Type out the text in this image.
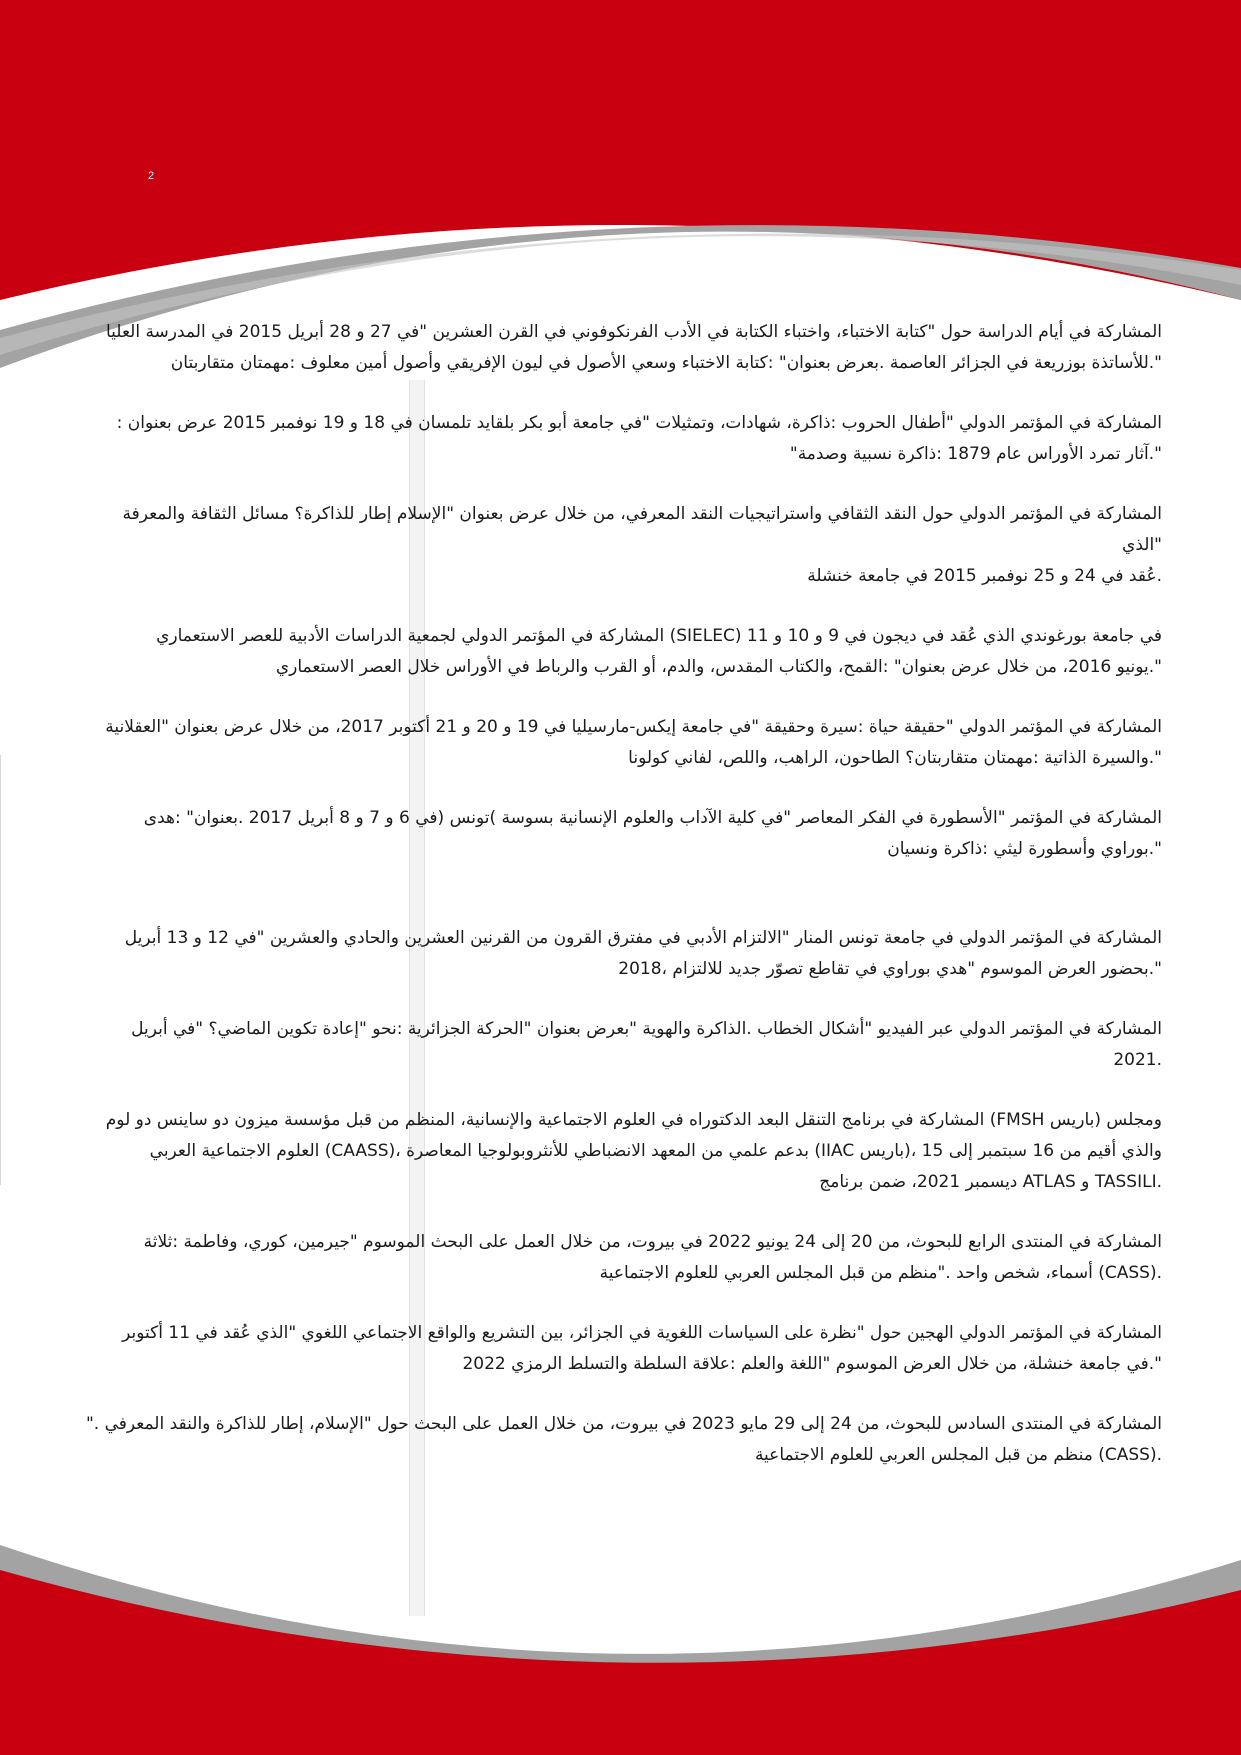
2
المشاركة في أيام الدراسة حول "كتابة الاختباء، واختباء الكتابة في الأدب الفرنكوفوني في القرن العشرين "في 27 و 28 أبريل 2015 في المدرسة العليا
".للأساتذة بوزريعة في الجزائر العاصمة .بعرض بعنوان" :كتابة الاختباء وسعي الأصول في ليون الإفريقي وأصول أمين معلوف :مهمتان متقاربتان
المشاركة في المؤتمر الدولي "أطفال الحروب :ذاكرة، شهادات، وتمثيلات "في جامعة أبو بكر بلقايد تلمسان في 18 و 19 نوفمبر 2015 عرض بعنوان :
".آثار تمرد الأوراس عام 1879 :ذاكرة نسبية وصدمة"
المشاركة في المؤتمر الدولي حول النقد الثقافي واستراتيجيات النقد المعرفي، من خلال عرض بعنوان "الإسلام إطار للذاكرة؟ مسائل الثقافة والمعرفة "الذي
.عُقد في 24 و 25 نوفمبر 2015 في جامعة خنشلة
في جامعة بورغوندي الذي عُقد في ديجون في 9 و 10 و 11 (SIELEC) المشاركة في المؤتمر الدولي لجمعية الدراسات الأدبية للعصر الاستعماري
".يونيو 2016، من خلال عرض بعنوان" :القمح، والكتاب المقدس، والدم، أو القرب والرباط في الأوراس خلال العصر الاستعماري
المشاركة في المؤتمر الدولي "حقيقة حياة :سيرة وحقيقة "في جامعة إيكس-مارسيليا في 19 و 20 و 21 أكتوبر 2017، من خلال عرض بعنوان "العقلانية
".والسيرة الذاتية :مهمتان متقاربتان؟ الطاحون، الراهب، واللص، لفاني كولونا
المشاركة في المؤتمر "الأسطورة في الفكر المعاصر "في كلية الآداب والعلوم الإنسانية بسوسة )تونس (في 6 و 7 و 8 أبريل 2017 .بعنوان" :هدى
".بوراوي وأسطورة ليثي :ذاكرة ونسيان
المشاركة في المؤتمر الدولي في جامعة تونس المنار "الالتزام الأدبي في مفترق القرون من القرنين العشرين والحادي والعشرين "في 12 و 13 أبريل
".بحضور العرض الموسوم "هدي بوراوي في تقاطع تصوّر جديد للالتزام ،2018
المشاركة في المؤتمر الدولي عبر الفيديو "أشكال الخطاب .الذاكرة والهوية "بعرض بعنوان "الحركة الجزائرية :نحو "إعادة تكوين الماضي؟ "في أبريل
.2021
ومجلس (باريس FMSH) المشاركة في برنامج التنقل البعد الدكتوراه في العلوم الاجتماعية والإنسانية، المنظم من قبل مؤسسة ميزون دو ساينس دو لوم
والذي أقيم من 16 سبتمبر إلى 15 ،(باريس IIAC) بدعم علمي من المعهد الانضباطي للأنثروبولوجيا المعاصرة ،(CAASS) العلوم الاجتماعية العربي
.TASSILI و ATLAS ديسمبر 2021، ضمن برنامج
المشاركة في المنتدى الرابع للبحوث، من 20 إلى 24 يونيو 2022 في بيروت، من خلال العمل على البحث الموسوم "جيرمين، كوري، وفاطمة :ثلاثة
.(CASS) أسماء، شخص واحد ."منظم من قبل المجلس العربي للعلوم الاجتماعية
المشاركة في المؤتمر الدولي الهجين حول "نظرة على السياسات اللغوية في الجزائر، بين التشريع والواقع الاجتماعي اللغوي "الذي عُقد في 11 أكتوبر
".في جامعة خنشلة، من خلال العرض الموسوم "اللغة والعلم :علاقة السلطة والتسلط الرمزي 2022
المشاركة في المنتدى السادس للبحوث، من 24 إلى 29 مايو 2023 في بيروت، من خلال العمل على البحث حول "الإسلام، إطار للذاكرة والنقد المعرفي ."
.(CASS) منظم من قبل المجلس العربي للعلوم الاجتماعية
